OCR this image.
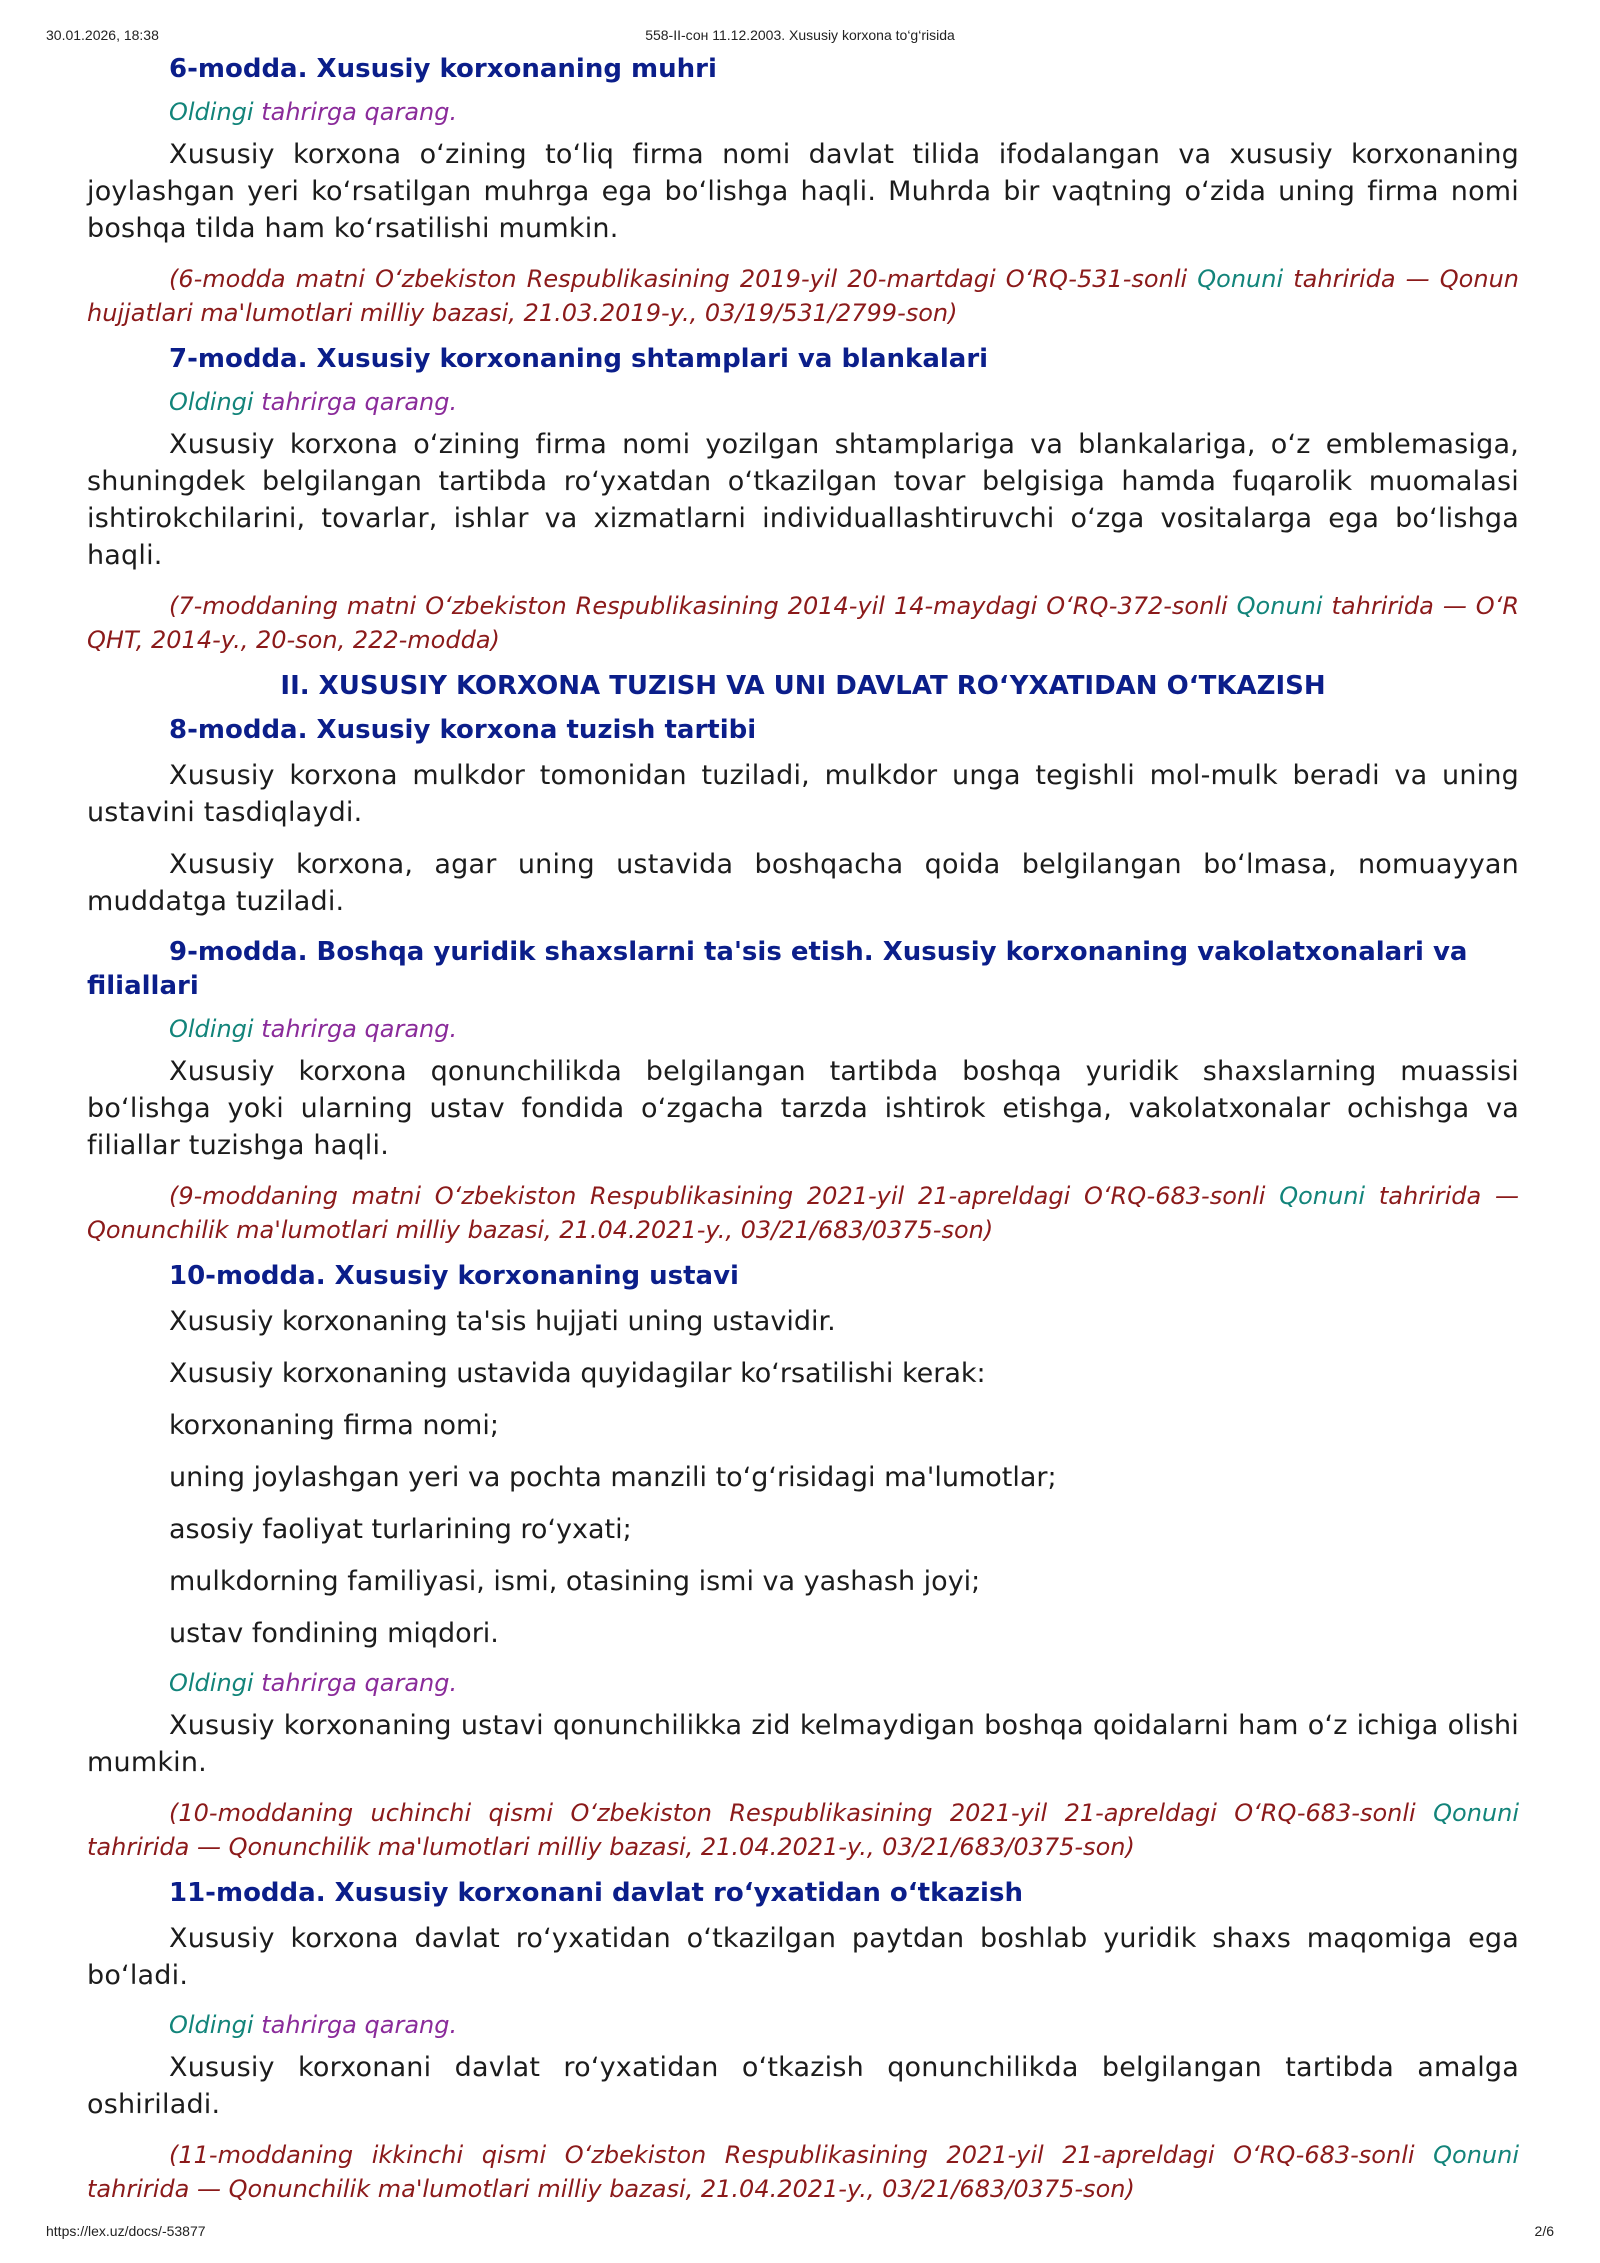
30.01.2026, 18:38	558-II-сон 11.12.2003. Xususiy korxona to‘g‘risida

6-modda. Xususiy korxonaning muhri

Oldingi tahrirga qarang.

Xususiy korxona oʻzining toʻliq firma nomi davlat tilida ifodalangan va xususiy korxonaning joylashgan yeri koʻrsatilgan muhrga ega boʻlishga haqli. Muhrda bir vaqtning oʻzida uning firma nomi boshqa tilda ham koʻrsatilishi mumkin.

(6-modda matni Oʻzbekiston Respublikasining 2019-yil 20-martdagi OʻRQ-531-sonli Qonuni tahririda — Qonun hujjatlari ma'lumotlari milliy bazasi, 21.03.2019-y., 03/19/531/2799-son)

7-modda. Xususiy korxonaning shtamplari va blankalari

Oldingi tahrirga qarang.

Xususiy korxona oʻzining firma nomi yozilgan shtamplariga va blankalariga, oʻz emblemasiga, shuningdek belgilangan tartibda roʻyxatdan oʻtkazilgan tovar belgisiga hamda fuqarolik muomalasi ishtirokchilarini, tovarlar, ishlar va xizmatlarni individuallashtiruvchi oʻzga vositalarga ega boʻlishga haqli.

(7-moddaning matni Oʻzbekiston Respublikasining 2014-yil 14-maydagi OʻRQ-372-sonli Qonuni tahririda — OʻR QHT, 2014-y., 20-son, 222-modda)

II. XUSUSIY KORXONA TUZISH VA UNI DAVLAT ROʻYXATIDAN OʻTKAZISH

8-modda. Xususiy korxona tuzish tartibi

Xususiy korxona mulkdor tomonidan tuziladi, mulkdor unga tegishli mol-mulk beradi va uning ustavini tasdiqlaydi.

Xususiy korxona, agar uning ustavida boshqacha qoida belgilangan boʻlmasa, nomuayyan muddatga tuziladi.

9-modda. Boshqa yuridik shaxslarni ta'sis etish. Xususiy korxonaning vakolatxonalari va filiallari

Oldingi tahrirga qarang.

Xususiy korxona qonunchilikda belgilangan tartibda boshqa yuridik shaxslarning muassisi boʻlishga yoki ularning ustav fondida oʻzgacha tarzda ishtirok etishga, vakolatxonalar ochishga va filiallar tuzishga haqli.

(9-moddaning matni Oʻzbekiston Respublikasining 2021-yil 21-apreldagi OʻRQ-683-sonli Qonuni tahririda — Qonunchilik ma'lumotlari milliy bazasi, 21.04.2021-y., 03/21/683/0375-son)

10-modda. Xususiy korxonaning ustavi

Xususiy korxonaning ta'sis hujjati uning ustavidir.

Xususiy korxonaning ustavida quyidagilar koʻrsatilishi kerak:

korxonaning firma nomi;

uning joylashgan yeri va pochta manzili toʻgʻrisidagi ma'lumotlar;

asosiy faoliyat turlarining roʻyxati;

mulkdorning familiyasi, ismi, otasining ismi va yashash joyi;

ustav fondining miqdori.

Oldingi tahrirga qarang.

Xususiy korxonaning ustavi qonunchilikka zid kelmaydigan boshqa qoidalarni ham oʻz ichiga olishi mumkin.

(10-moddaning uchinchi qismi Oʻzbekiston Respublikasining 2021-yil 21-apreldagi OʻRQ-683-sonli Qonuni tahririda — Qonunchilik ma'lumotlari milliy bazasi, 21.04.2021-y., 03/21/683/0375-son)

11-modda. Xususiy korxonani davlat roʻyxatidan oʻtkazish

Xususiy korxona davlat roʻyxatidan oʻtkazilgan paytdan boshlab yuridik shaxs maqomiga ega boʻladi.

Oldingi tahrirga qarang.

Xususiy korxonani davlat roʻyxatidan oʻtkazish qonunchilikda belgilangan tartibda amalga oshiriladi.

(11-moddaning ikkinchi qismi Oʻzbekiston Respublikasining 2021-yil 21-apreldagi OʻRQ-683-sonli Qonuni tahririda — Qonunchilik ma'lumotlari milliy bazasi, 21.04.2021-y., 03/21/683/0375-son)

https://lex.uz/docs/-53877	2/6
